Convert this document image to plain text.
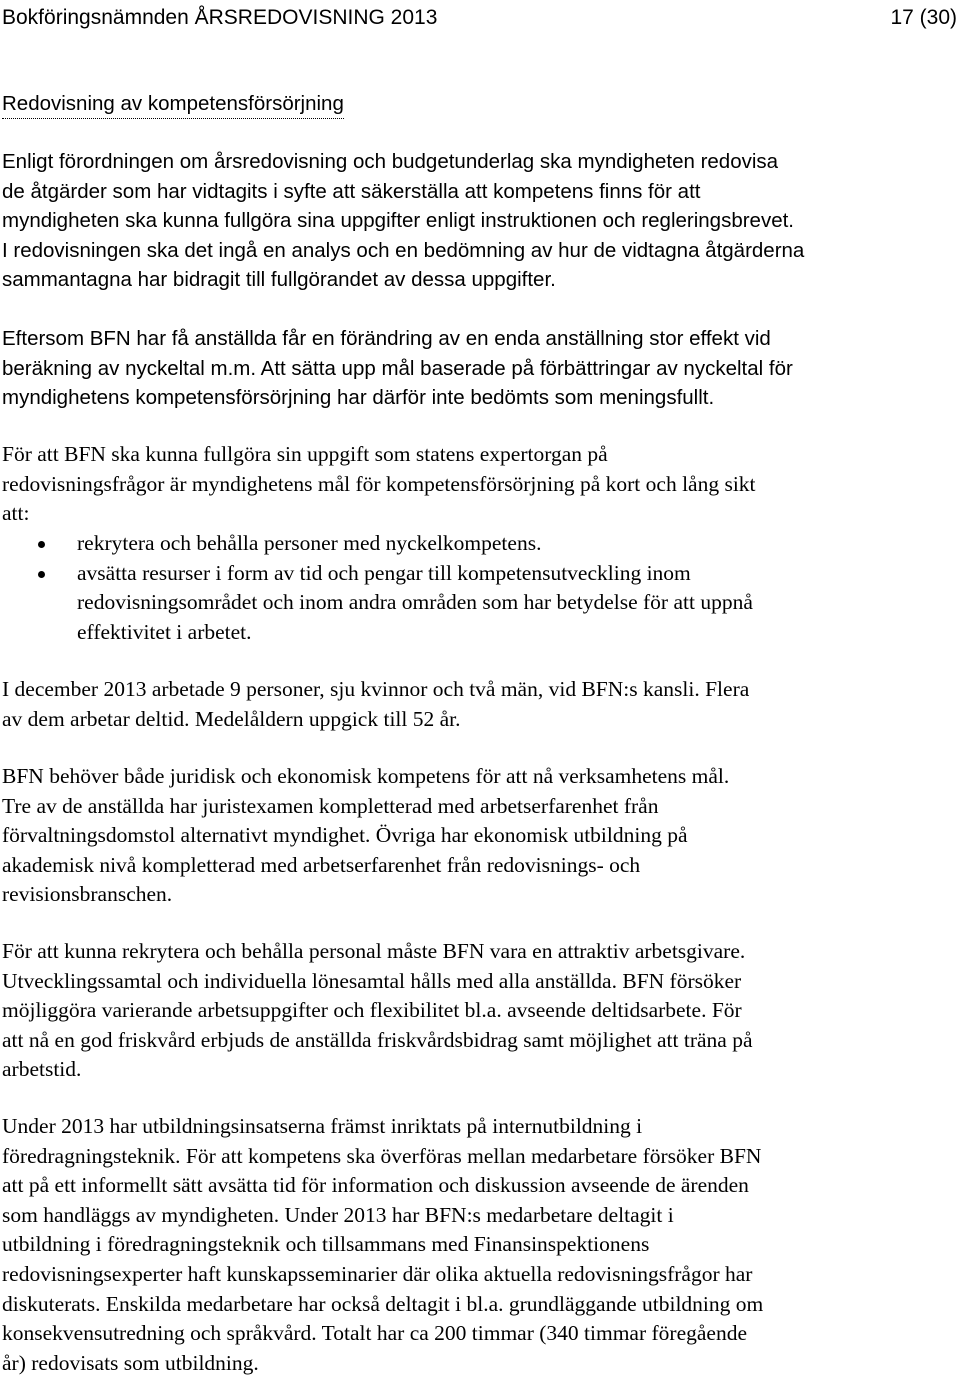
Bokföringsnämnden ÅRSREDOVISNING 2013	17 (30)
Redovisning av kompetensförsörjning

Enligt förordningen om årsredovisning och budgetunderlag ska myndigheten redovisa
de åtgärder som har vidtagits i syfte att säkerställa att kompetens finns för att
myndigheten ska kunna fullgöra sina uppgifter enligt instruktionen och regleringsbrevet.
I redovisningen ska det ingå en analys och en bedömning av hur de vidtagna åtgärderna
sammantagna har bidragit till fullgörandet av dessa uppgifter.

Eftersom BFN har få anställda får en förändring av en enda anställning stor effekt vid
beräkning av nyckeltal m.m. Att sätta upp mål baserade på förbättringar av nyckeltal för
myndighetens kompetensförsörjning har därför inte bedömts som meningsfullt.

För att BFN ska kunna fullgöra sin uppgift som statens expertorgan på
redovisningsfrågor är myndighetens mål för kompetensförsörjning på kort och lång sikt
att:

rekrytera och behålla personer med nyckelkompetens.
avsätta resurser i form av tid och pengar till kompetensutveckling inom
redovisningsområdet och inom andra områden som har betydelse för att uppnå
effektivitet i arbetet.

I december 2013 arbetade 9 personer, sju kvinnor och två män, vid BFN:s kansli. Flera
av dem arbetar deltid. Medelåldern uppgick till 52 år.

BFN behöver både juridisk och ekonomisk kompetens för att nå verksamhetens mål.
Tre av de anställda har juristexamen kompletterad med arbetserfarenhet från
förvaltningsdomstol alternativt myndighet. Övriga har ekonomisk utbildning på
akademisk nivå kompletterad med arbetserfarenhet från redovisnings- och
revisionsbranschen.

För att kunna rekrytera och behålla personal måste BFN vara en attraktiv arbetsgivare.
Utvecklingssamtal och individuella lönesamtal hålls med alla anställda. BFN försöker
möjliggöra varierande arbetsuppgifter och flexibilitet bl.a. avseende deltidsarbete. För
att nå en god friskvård erbjuds de anställda friskvårdsbidrag samt möjlighet att träna på
arbetstid.

Under 2013 har utbildningsinsatserna främst inriktats på internutbildning i
föredragningsteknik. För att kompetens ska överföras mellan medarbetare försöker BFN
att på ett informellt sätt avsätta tid för information och diskussion avseende de ärenden
som handläggs av myndigheten. Under 2013 har BFN:s medarbetare deltagit i
utbildning i föredragningsteknik och tillsammans med Finansinspektionens
redovisningsexperter haft kunskapsseminarier där olika aktuella redovisningsfrågor har
diskuterats. Enskilda medarbetare har också deltagit i bl.a. grundläggande utbildning om
konsekvensutredning och språkvård. Totalt har ca 200 timmar (340 timmar föregående
år) redovisats som utbildning.
